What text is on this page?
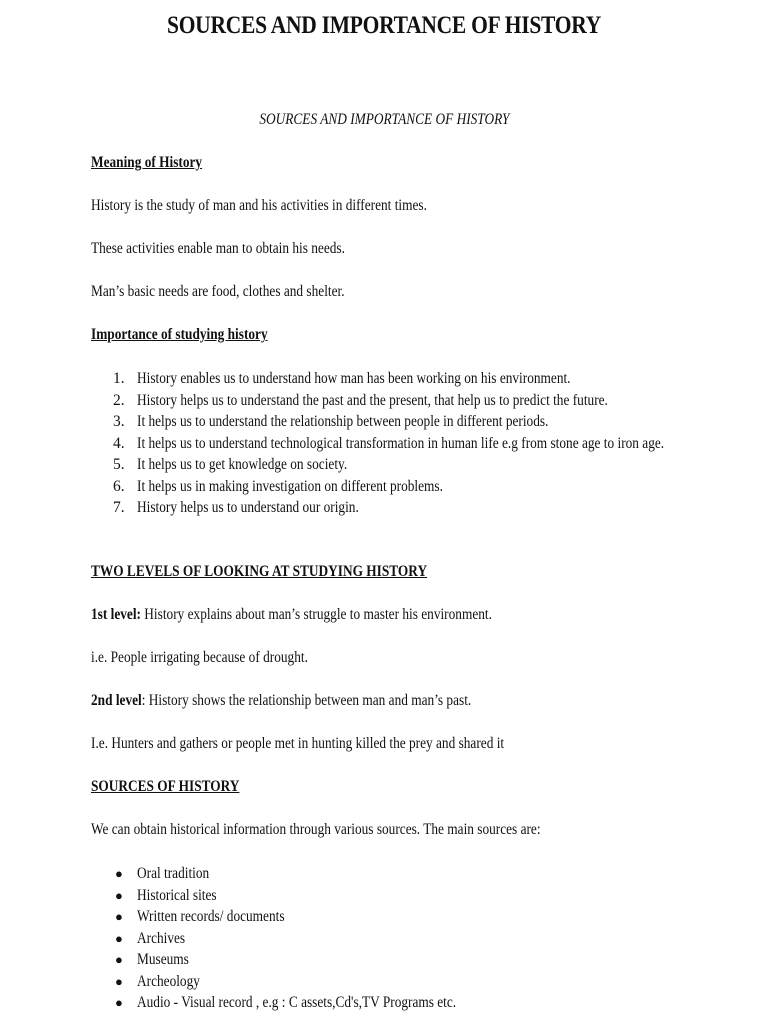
SOURCES AND IMPORTANCE OF HISTORY
SOURCES AND IMPORTANCE OF HISTORY
Meaning of History
History is the study of man and his activities in different times.
These activities enable man to obtain his needs.
Man’s basic needs are food, clothes and shelter.
Importance of studying history
1. History enables us to understand how man has been working on his environment.
2. History helps us to understand the past and the present, that help us to predict the future.
3. It helps us to understand the relationship between people in different periods.
4. It helps us to understand technological transformation in human life e.g from stone age to iron age.
5. It helps us to get knowledge on society.
6. It helps us in making investigation on different problems.
7. History helps us to understand our origin.
TWO LEVELS OF LOOKING AT STUDYING HISTORY
1st level: History explains about man’s struggle to master his environment.
i.e. People irrigating because of drought.
2nd level: History shows the relationship between man and man’s past.
I.e. Hunters and gathers or people met in hunting killed the prey and shared it
SOURCES OF HISTORY
We can obtain historical information through various sources. The main sources are:
● Oral tradition
● Historical sites
● Written records/ documents
● Archives
● Museums
● Archeology
● Audio - Visual record , e.g : C assets,Cd's,TV Programs etc.
